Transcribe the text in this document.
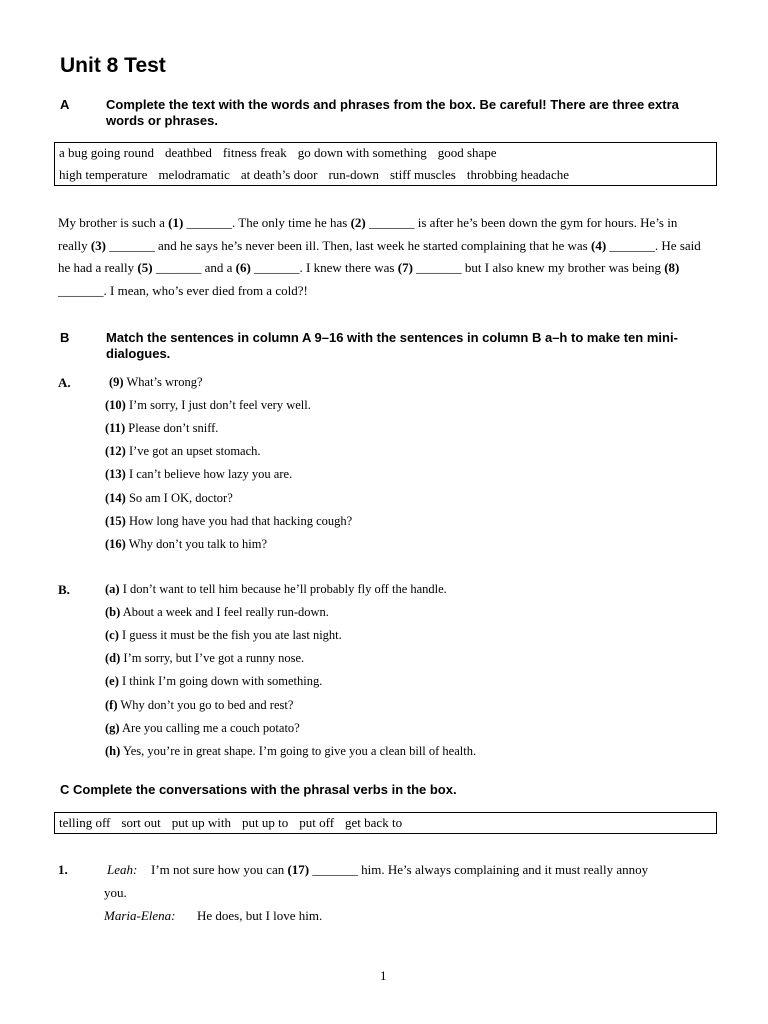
Unit 8 Test
A	Complete the text with the words and phrases from the box. Be careful! There are three extra words or phrases.
a bug going round deathbed fitness freak go down with something good shape
high temperature melodramatic at death’s door run-down stiff muscles throbbing headache
My brother is such a (1) _______. The only time he has (2) _______ is after he’s been down the gym for hours. He’s in really (3) _______ and he says he’s never been ill. Then, last week he started complaining that he was (4) _______. He said he had a really (5) _______ and a (6) _______. I knew there was (7) _______ but I also knew my brother was being (8) _______. I mean, who’s ever died from a cold?!
B	Match the sentences in column A 9–16 with the sentences in column B a–h to make ten mini-dialogues.
A.	(9) What’s wrong?
(10) I’m sorry, I just don’t feel very well.
(11) Please don’t sniff.
(12) I’ve got an upset stomach.
(13) I can’t believe how lazy you are.
(14) So am I OK, doctor?
(15) How long have you had that hacking cough?
(16) Why don’t you talk to him?
B.	(a) I don’t want to tell him because he’ll probably fly off the handle.
(b) About a week and I feel really run-down.
(c) I guess it must be the fish you ate last night.
(d) I’m sorry, but I’ve got a runny nose.
(e) I think I’m going down with something.
(f) Why don’t you go to bed and rest?
(g) Are you calling me a couch potato?
(h) Yes, you’re in great shape. I’m going to give you a clean bill of health.
C Complete the conversations with the phrasal verbs in the box.
telling off sort out put up with put up to put off get back to
1.	Leah: I’m not sure how you can (17) _______ him. He’s always complaining and it must really annoy
you.
Maria-Elena: He does, but I love him.
1
